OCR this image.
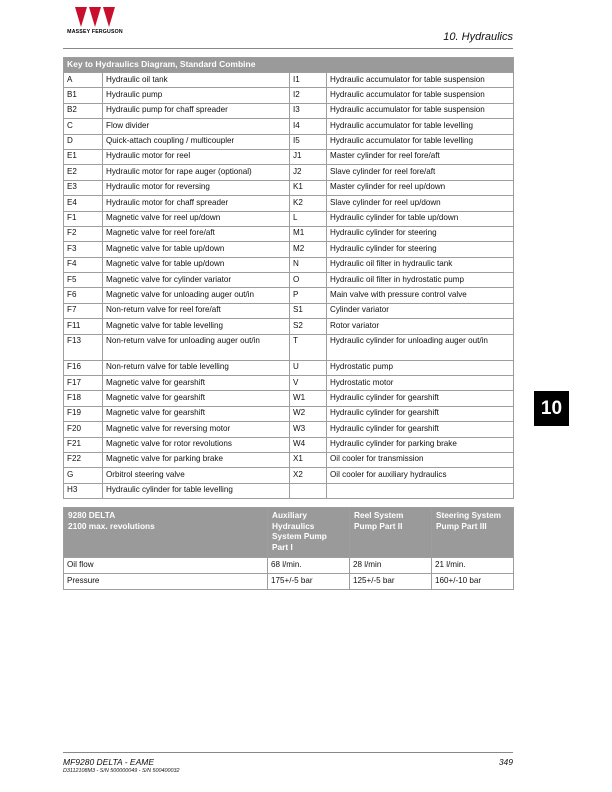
MASSEY FERGUSON	10. Hydraulics
Key to Hydraulics Diagram, Standard Combine			
A	Hydraulic oil tank	I1	Hydraulic accumulator for table suspension
B1	Hydraulic pump	I2	Hydraulic accumulator for table suspension
B2	Hydraulic pump for chaff spreader	I3	Hydraulic accumulator for table suspension
C	Flow divider	I4	Hydraulic accumulator for table levelling
D	Quick-attach coupling / multicoupler	I5	Hydraulic accumulator for table levelling
E1	Hydraulic motor for reel	J1	Master cylinder for reel fore/aft
E2	Hydraulic motor for rape auger (optional)	J2	Slave cylinder for reel fore/aft
E3	Hydraulic motor for reversing	K1	Master cylinder for reel up/down
E4	Hydraulic motor for chaff spreader	K2	Slave cylinder for reel up/down
F1	Magnetic valve for reel up/down	L	Hydraulic cylinder for table up/down
F2	Magnetic valve for reel fore/aft	M1	Hydraulic cylinder for steering
F3	Magnetic valve for table up/down	M2	Hydraulic cylinder for steering
F4	Magnetic valve for table up/down	N	Hydraulic oil filter in hydraulic tank
F5	Magnetic valve for cylinder variator	O	Hydraulic oil filter in hydrostatic pump
F6	Magnetic valve for unloading auger out/in	P	Main valve with pressure control valve
F7	Non-return valve for reel fore/aft	S1	Cylinder variator
F11	Magnetic valve for table levelling	S2	Rotor variator
F13	Non-return valve for unloading auger out/in	T	Hydraulic cylinder for unloading auger out/in
F16	Non-return valve for table levelling	U	Hydrostatic pump
F17	Magnetic valve for gearshift	V	Hydrostatic motor
F18	Magnetic valve for gearshift	W1	Hydraulic cylinder for gearshift
F19	Magnetic valve for gearshift	W2	Hydraulic cylinder for gearshift
F20	Magnetic valve for reversing motor	W3	Hydraulic cylinder for gearshift
F21	Magnetic valve for rotor revolutions	W4	Hydraulic cylinder for parking brake
F22	Magnetic valve for parking brake	X1	Oil cooler for transmission
G	Orbitrol steering valve	X2	Oil cooler for auxiliary hydraulics
H3	Hydraulic cylinder for table levelling		
9280 DELTA
2100 max. revolutions	Auxiliary Hydraulics System Pump Part I	Reel System Pump Part II	Steering System Pump Part III
Oil flow	68 l/min.	28 l/min	21 l/min.
Pressure	175+/-5 bar	125+/-5 bar	160+/-10 bar
10
MF9280 DELTA - EAME
D3112108M3 - S/N 500000049 - S/N 500400032
349
